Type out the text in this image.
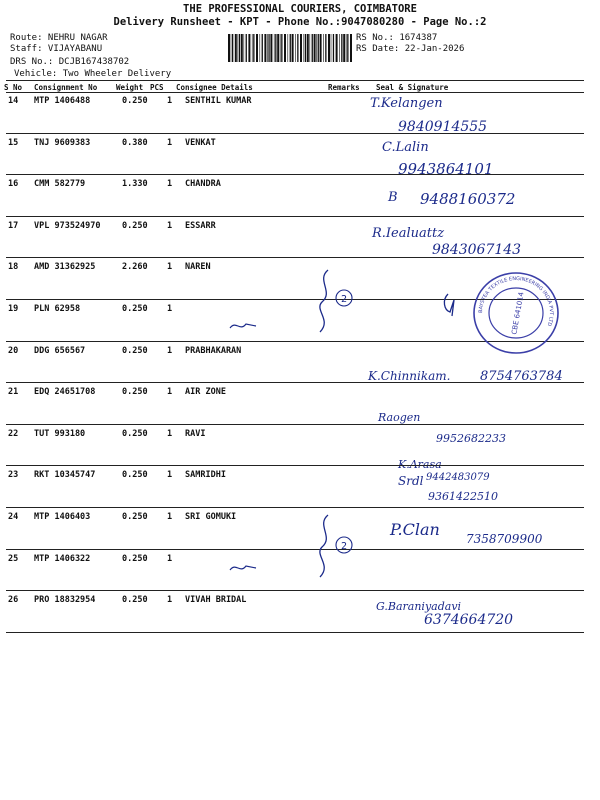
THE PROFESSIONAL COURIERS, COIMBATORE
Delivery Runsheet - KPT - Phone No.:9047080280 - Page No.:2
Route: NEHRU NAGAR
Staff: VIJAYABANU
DRS No.: DCJB167438702
Vehicle: Two Wheeler Delivery
RS No.: 1674387
RS Date: 22-Jan-2026
S No Consignment No	Weight PCS Consignee Details	Remarks Seal & Signature
14 MTP 1406488	0.250 1 SENTHIL KUMAR	T.Kelangen
9840914555
15 TNJ 9609383	0.380 1 VENKAT	C.Lalin
9943864101
16 CMM 582779	1.330 1 CHANDRA
B 9488160372
17 VPL 973524970	0.250 1 ESSARR
R.Iealuattz
9843067143
18 AMD 31362925	2.260 1 NAREN
19 PLN 62958	0.250 1
20 DDG 656567	0.250 1 PRABHAKARAN
K.Chinnikam. 8754763784
21 EDQ 24651708	0.250 1 AIR ZONE
Raogen
9952682233
22 TUT 993180	0.250 1 RAVI
K.Arasa
9442483079
23 RKT 10345747	0.250 1 SAMRIDHI	Srdl
9361422510
24 MTP 1406403	0.250 1 SRI GOMUKI
P.Clan 7358709900
25 MTP 1406322	0.250 1
26 PRO 18832954	0.250 1 VIVAH BRIDAL	G.Baraniyadavi
6374664720
BAYSTEA TEXTILE ENGINEERING INDIA PVT LTD
CBE 641014
2
2
